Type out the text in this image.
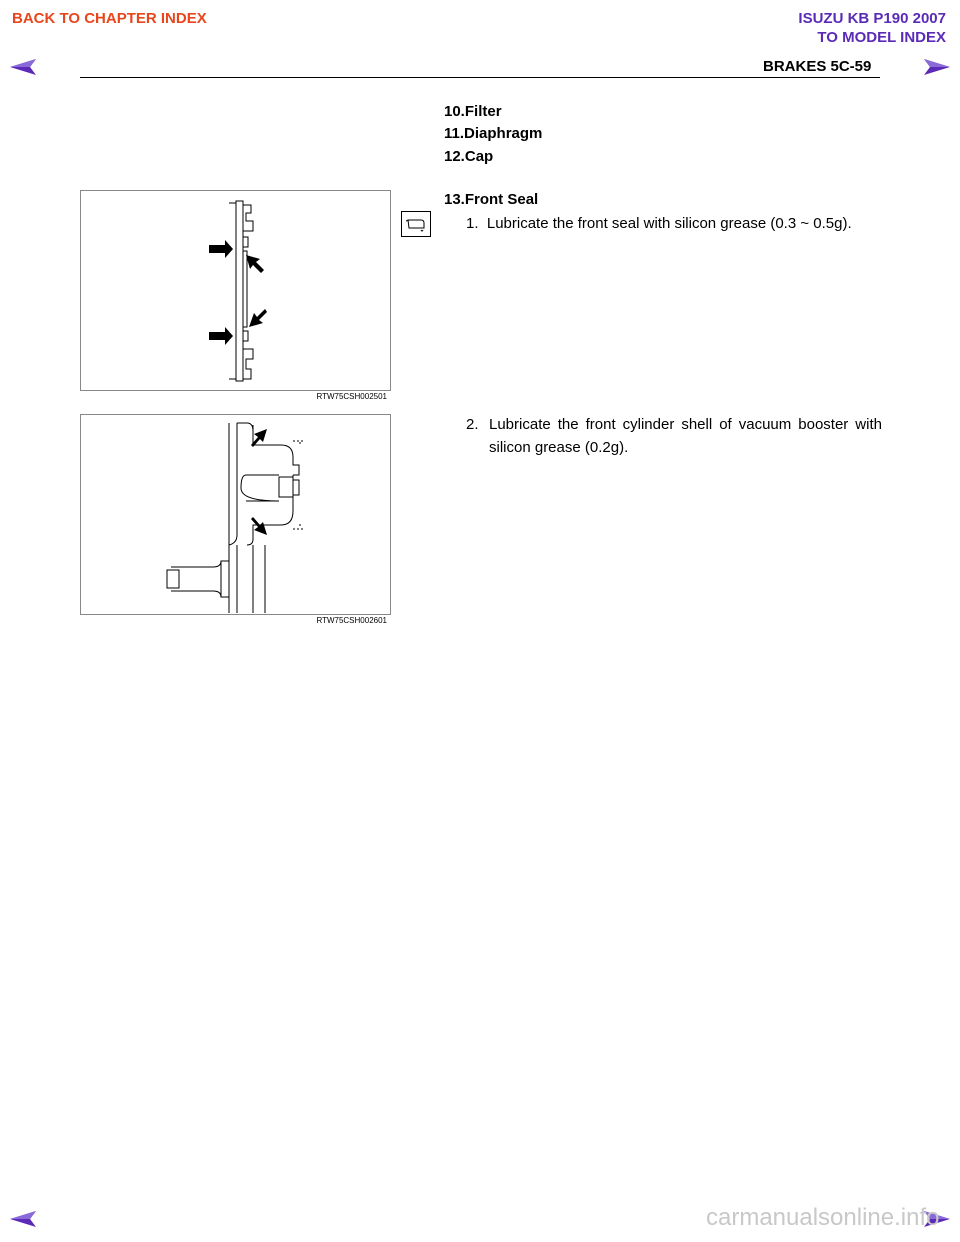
BACK TO CHAPTER INDEX	ISUZU KB P190 2007
TO MODEL INDEX
BRAKES 5C-59
10.Filter
11.Diaphragm
12.Cap
13.Front Seal
1. Lubricate the front seal with silicon grease (0.3 ~ 0.5g).
2. Lubricate the front cylinder shell of vacuum booster with
silicon grease (0.2g).
RTW75CSH002501
RTW75CSH002601
carmanualsonline.info
